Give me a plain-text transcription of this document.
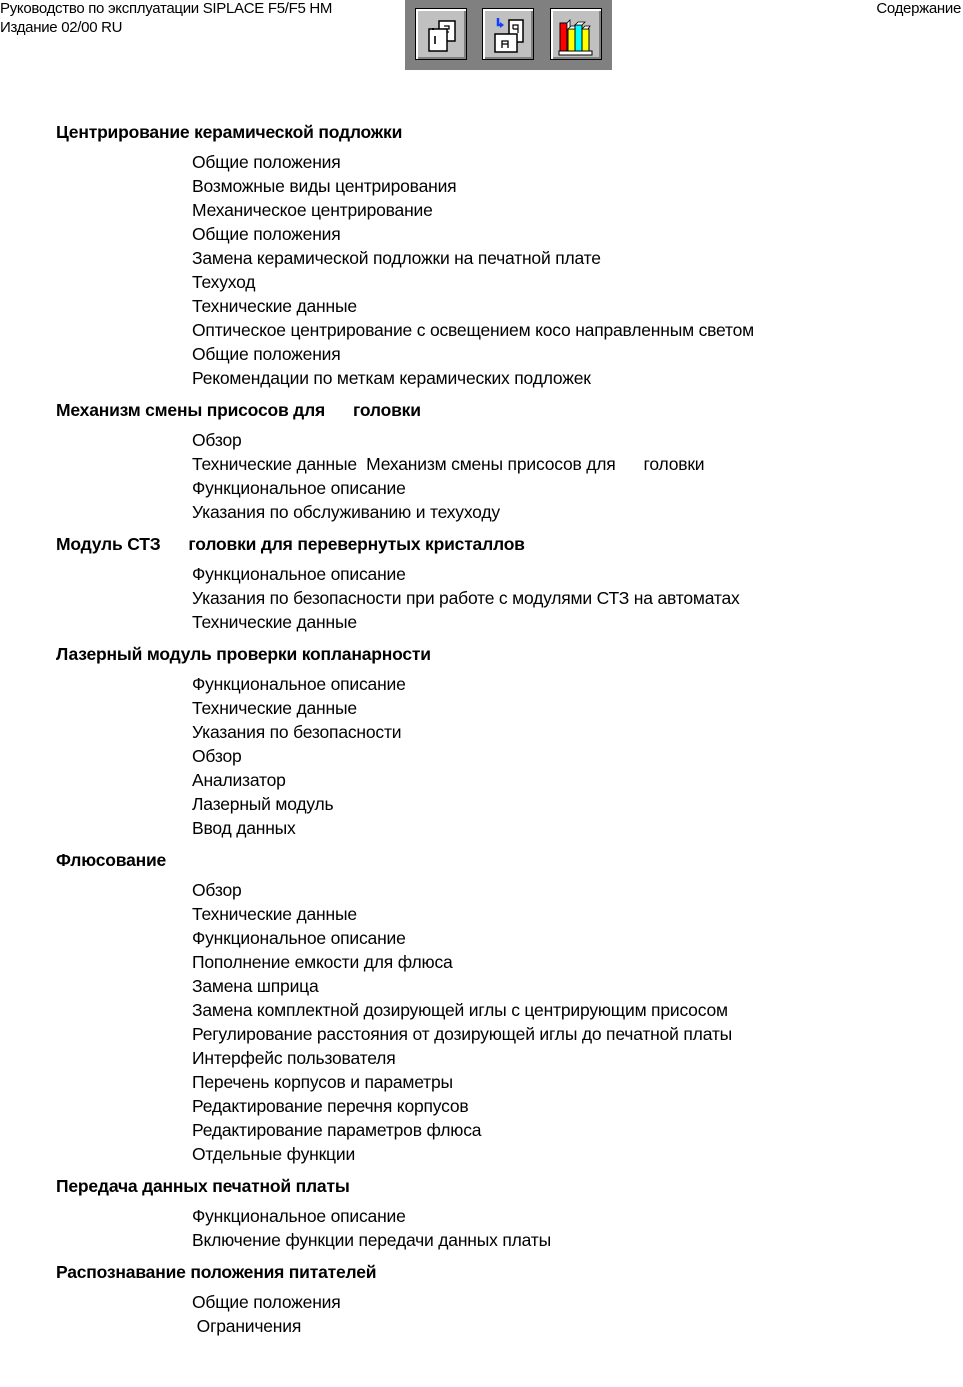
Руководство по эксплуатации SIPLACE F5/F5 HM
Издание 02/00 RU
Содержание
Центрирование керамической подложки
Общие положения
Возможные виды центрирования
Механическое центрирование
Общие положения
Замена керамической подложки на печатной плате
Техуход
Технические данные
Оптическое центрирование с освещением косо направленным светом
Общие положения
Рекомендации по меткам керамических подложек
Механизм смены присосов для      головки
Обзор
Технические данные  Механизм смены присосов для      головки
Функциональное описание
Указания по обслуживанию и техуходу
Модуль СТЗ      головки для перевернутых кристаллов
Функциональное описание
Указания по безопасности при работе с модулями СТЗ на автоматах
Технические данные
Лазерный модуль проверки копланарности
Функциональное описание
Технические данные
Указания по безопасности
Обзор
Анализатор
Лазерный модуль
Ввод данных
Флюсование
Обзор
Технические данные
Функциональное описание
Пополнение емкости для флюса
Замена шприца
Замена комплектной дозирующей иглы с центрирующим присосом
Регулирование расстояния от дозирующей иглы до печатной платы
Интерфейс пользователя
Перечень корпусов и параметры
Редактирование перечня корпусов
Редактирование параметров флюса
Отдельные функции
Передача данных печатной платы
Функциональное описание
Включение функции передачи данных платы
Распознавание положения питателей
Общие положения
Ограничения
